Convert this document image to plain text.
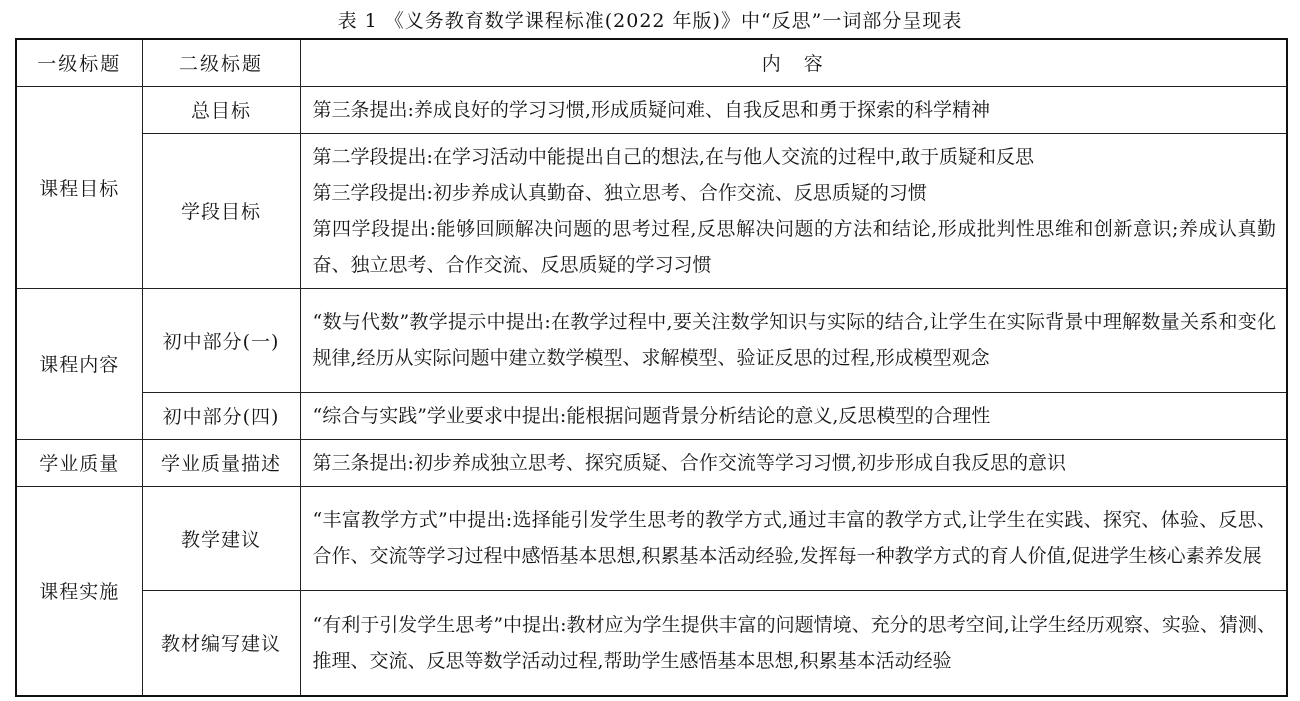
表 1 《义务教育数学课程标准(2022 年版)》中“反思”一词部分呈现表
一级标题	二级标题	内　容
课程目标	总目标	第三条提出:养成良好的学习习惯,形成质疑问难、自我反思和勇于探索的科学精神

	学段目标	第二学段提出:在学习活动中能提出自己的想法,在与他人交流的过程中,敢于质疑和反思
第三学段提出:初步养成认真勤奋、独立思考、合作交流、反思质疑的习惯
第四学段提出:能够回顾解决问题的思考过程,反思解决问题的方法和结论,形成批判性思维和创新意识;养成认真勤奋、独立思考、合作交流、反思质疑的学习习惯

课程内容	初中部分(一)	“数与代数”教学提示中提出:在教学过程中,要关注数学知识与实际的结合,让学生在实际背景中理解数量关系和变化规律,经历从实际问题中建立数学模型、求解模型、验证反思的过程,形成模型观念

	初中部分(四)	“综合与实践”学业要求中提出:能根据问题背景分析结论的意义,反思模型的合理性

学业质量	学业质量描述	第三条提出:初步养成独立思考、探究质疑、合作交流等学习习惯,初步形成自我反思的意识

课程实施	教学建议	“丰富教学方式”中提出:选择能引发学生思考的教学方式,通过丰富的教学方式,让学生在实践、探究、体验、反思、合作、交流等学习过程中感悟基本思想,积累基本活动经验,发挥每一种教学方式的育人价值,促进学生核心素养发展

	教材编写建议	“有利于引发学生思考”中提出:教材应为学生提供丰富的问题情境、充分的思考空间,让学生经历观察、实验、猜测、推理、交流、反思等数学活动过程,帮助学生感悟基本思想,积累基本活动经验
